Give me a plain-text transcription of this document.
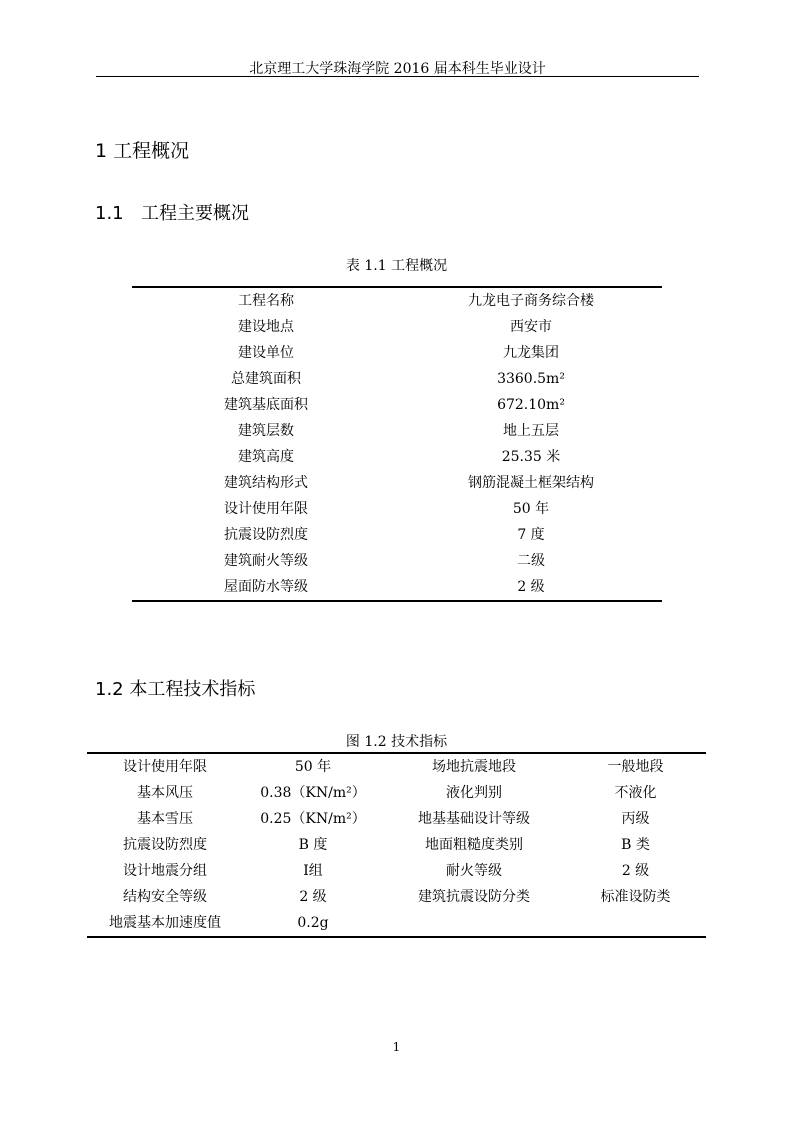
北京理工大学珠海学院 2016 届本科生毕业设计
1 工程概况
1.1 工程主要概况
表 1.1 工程概况
工程名称	九龙电子商务综合楼
建设地点	西安市
建设单位	九龙集团
总建筑面积	3360.5m²
建筑基底面积	672.10m²
建筑层数	地上五层
建筑高度	25.35 米
建筑结构形式	钢筋混凝土框架结构
设计使用年限	50 年
抗震设防烈度	7 度
建筑耐火等级	二级
屋面防水等级	2 级
1.2 本工程技术指标
图 1.2 技术指标
设计使用年限	50 年	场地抗震地段	一般地段
基本风压	0.38（KN/m²）	液化判别	不液化
基本雪压	0.25（KN/m²）	地基基础设计等级	丙级
抗震设防烈度	B 度	地面粗糙度类别	B 类
设计地震分组	Ⅰ组	耐火等级	2 级
结构安全等级	2 级	建筑抗震设防分类	标准设防类
地震基本加速度值	0.2g		
1
